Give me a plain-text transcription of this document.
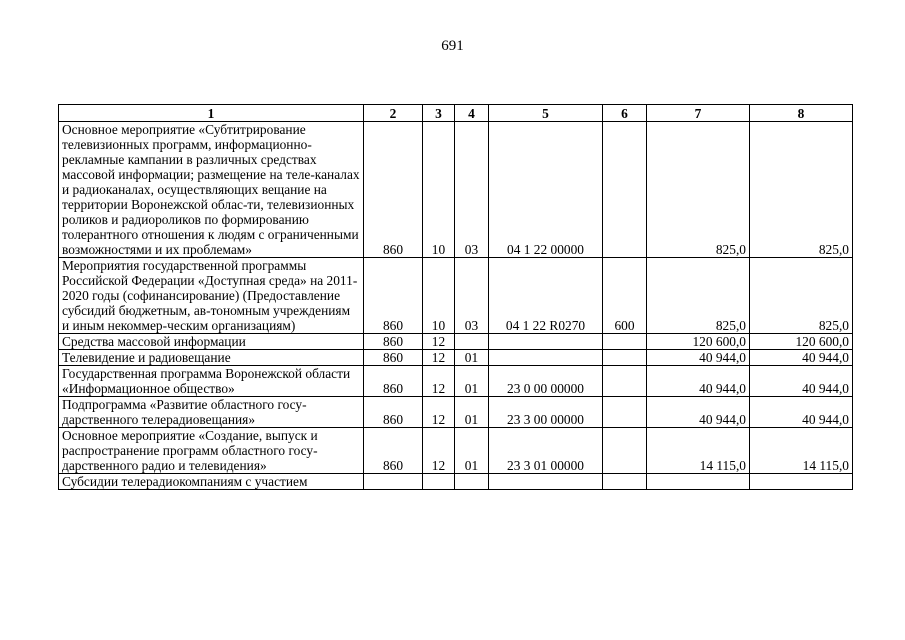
691
1	2	3	4	5	6	7	8

Основное мероприятие «Субтитрирование телевизионных программ, информационно-рекламные кампании в различных средствах массовой информации; размещение на теле-каналах и радиоканалах, осуществляющих вещание на территории Воронежской облас-ти, телевизионных роликов и радиороликов по формированию толерантного отношения к людям с ограниченными возможностями и их проблемам»	860	10	03	04 1 22 00000		825,0	825,0

Мероприятия государственной программы Российской Федерации «Доступная среда» на 2011-2020 годы (софинансирование) (Предоставление субсидий бюджетным, ав-тономным учреждениям и иным некоммер-ческим организациям)	860	10	03	04 1 22 R0270	600	825,0	825,0

Средства массовой информации	860	12				120 600,0	120 600,0

Телевидение и радиовещание	860	12	01			40 944,0	40 944,0

Государственная программа Воронежской области «Информационное общество»	860	12	01	23 0 00 00000		40 944,0	40 944,0

Подпрограмма «Развитие областного госу-дарственного телерадиовещания»	860	12	01	23 3 00 00000		40 944,0	40 944,0

Основное мероприятие «Создание, выпуск и распространение программ областного госу-дарственного радио и телевидения»	860	12	01	23 3 01 00000		14 115,0	14 115,0

Субсидии телерадиокомпаниям с участием							
